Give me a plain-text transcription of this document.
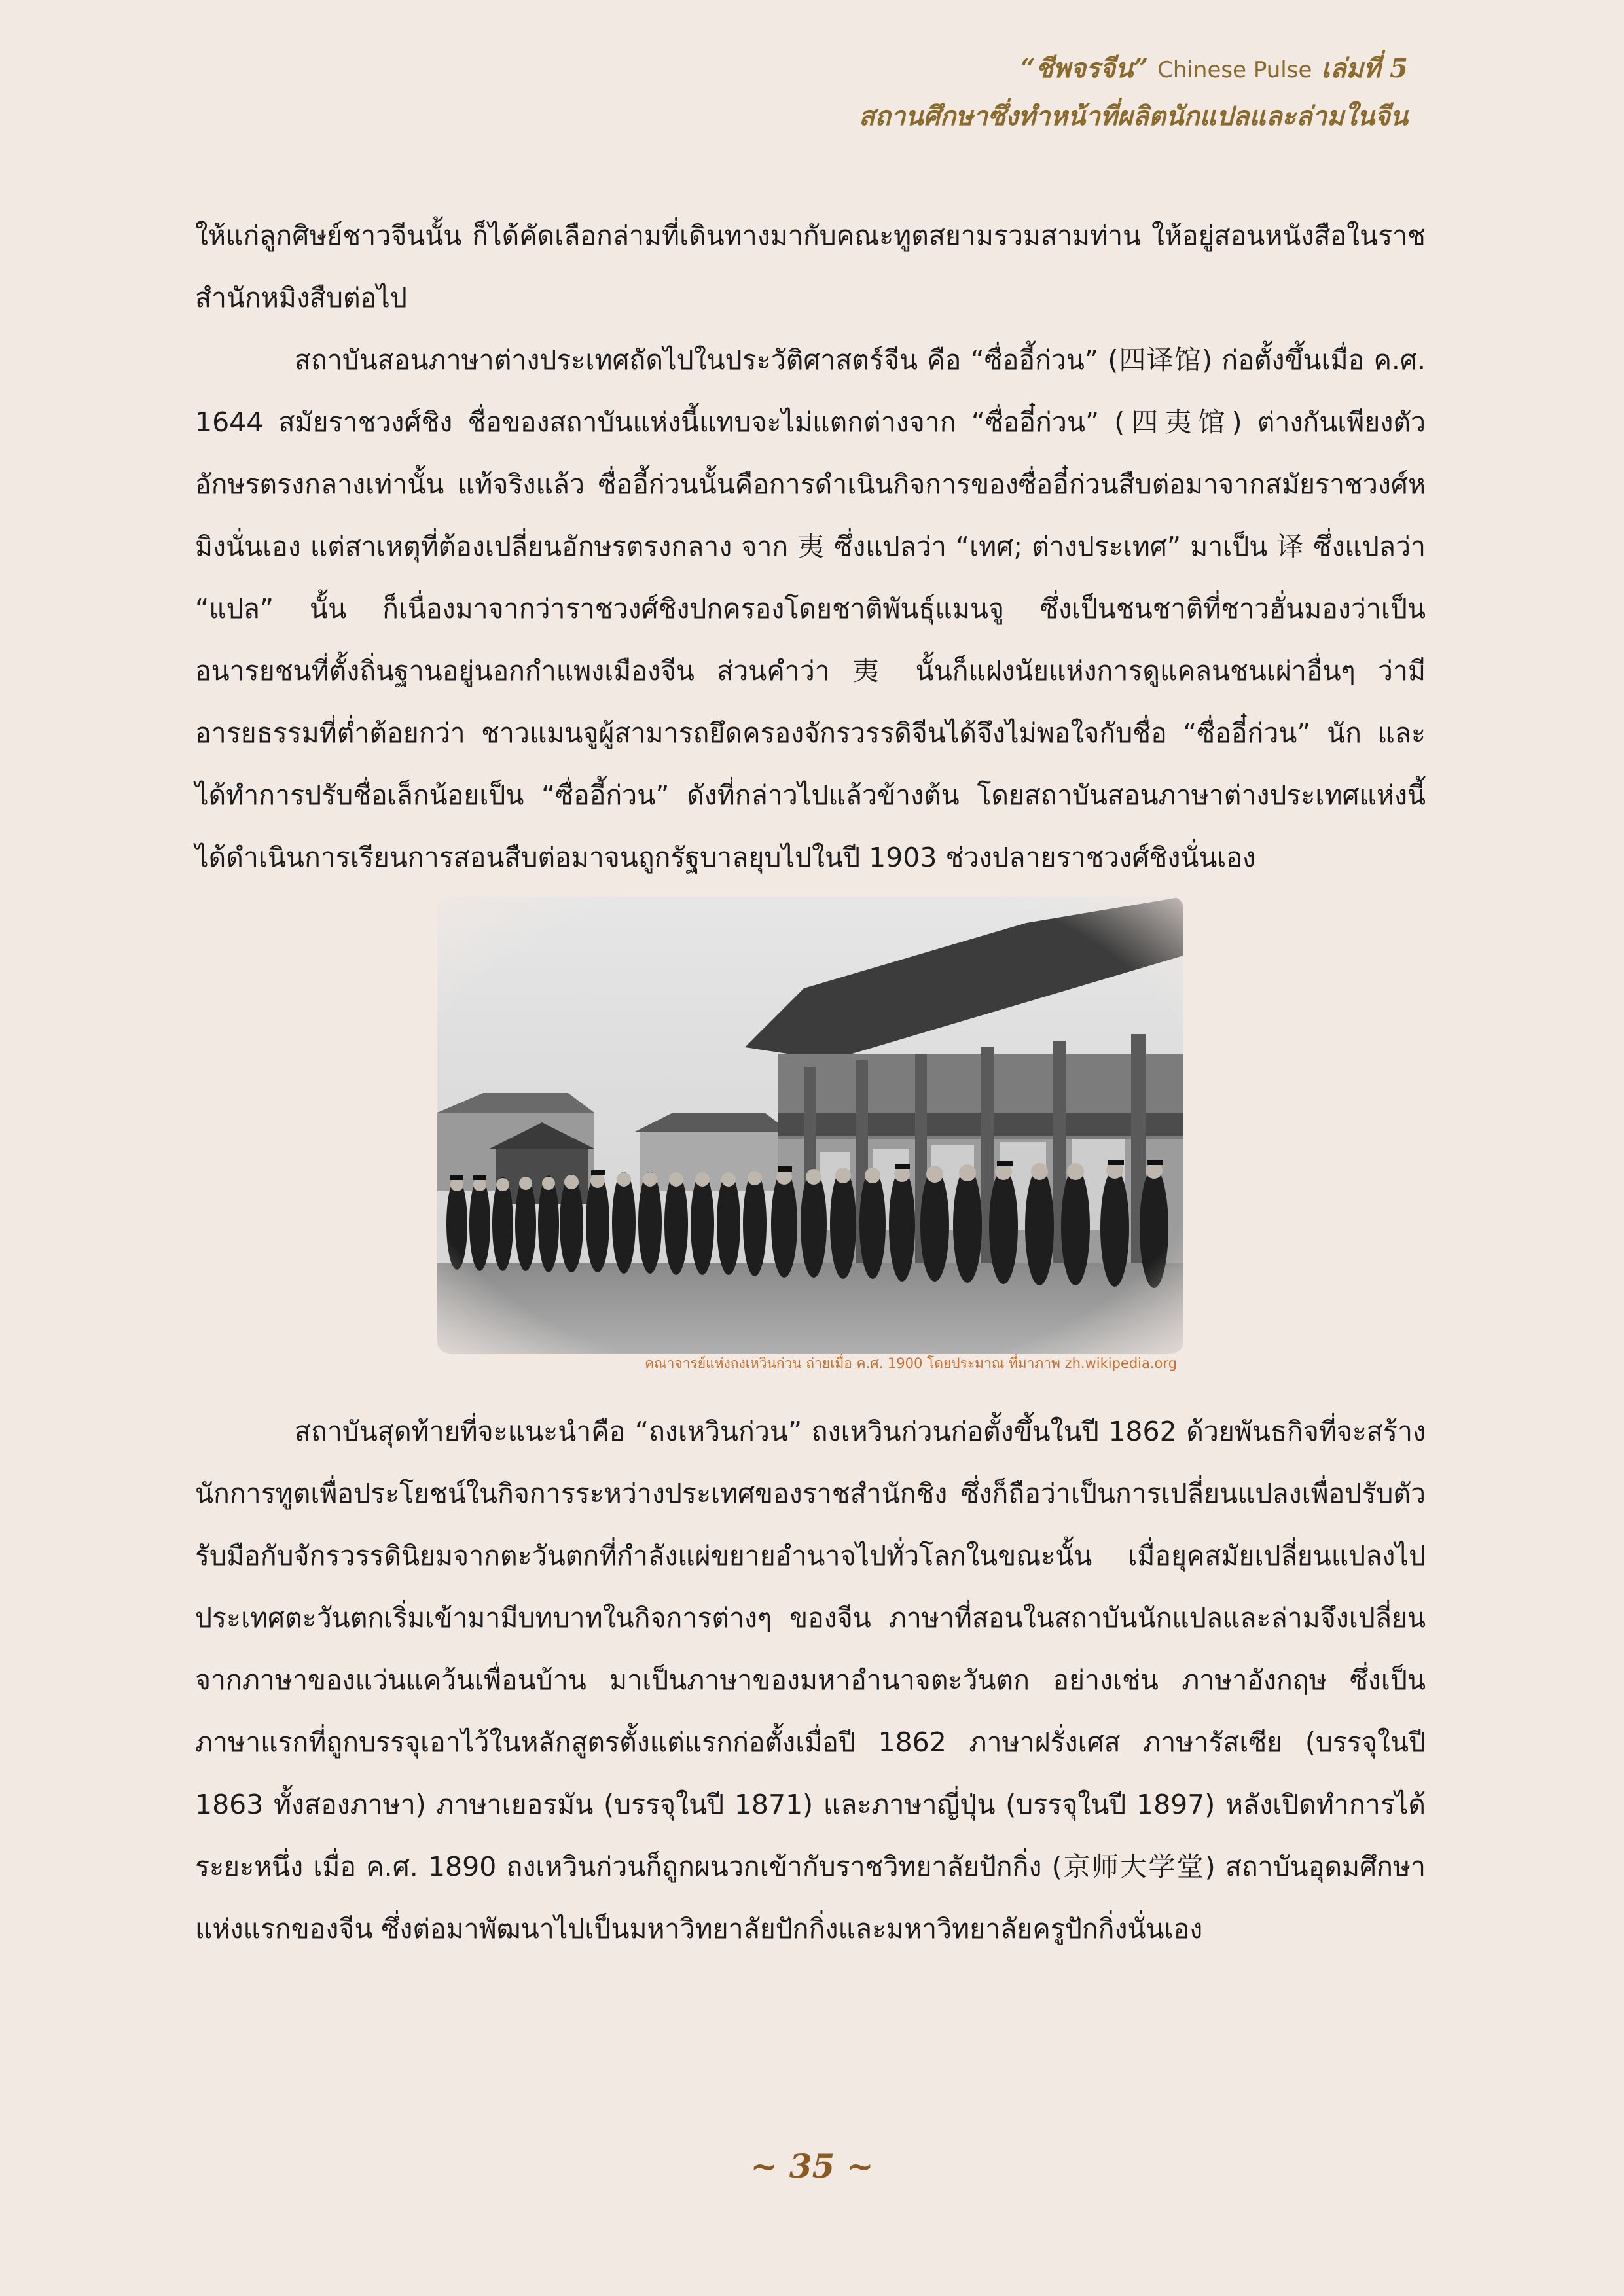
“ชีพจรจีน” Chinese Pulse เล่มที่ 5
สถานศึกษาซึ่งทำหน้าที่ผลิตนักแปลและล่ามในจีน

ให้แก่ลูกศิษย์ชาวจีนนั้น ก็ได้คัดเลือกล่ามที่เดินทางมากับคณะทูตสยามรวมสามท่าน ให้อยู่สอนหนังสือในราชสำนักหมิงสืบต่อไป

สถาบันสอนภาษาต่างประเทศถัดไปในประวัติศาสตร์จีน คือ “ซื่ออี้ก่วน” (四译馆) ก่อตั้งขึ้นเมื่อ ค.ศ. 1644 สมัยราชวงศ์ชิง ชื่อของสถาบันแห่งนี้แทบจะไม่แตกต่างจาก “ซื่ออี๋ก่วน” (四夷馆) ต่างกันเพียงตัวอักษรตรงกลางเท่านั้น แท้จริงแล้ว ซื่ออี้ก่วนนั้นคือการดำเนินกิจการของซื่ออี๋ก่วนสืบต่อมาจากสมัยราชวงศ์หมิงนั่นเอง แต่สาเหตุที่ต้องเปลี่ยนอักษรตรงกลาง จาก 夷 ซึ่งแปลว่า “เทศ; ต่างประเทศ” มาเป็น 译 ซึ่งแปลว่า “แปล” นั้น ก็เนื่องมาจากว่าราชวงศ์ชิงปกครองโดยชาติพันธุ์แมนจู ซึ่งเป็นชนชาติที่ชาวฮั่นมองว่าเป็นอนารยชนที่ตั้งถิ่นฐานอยู่นอกกำแพงเมืองจีน ส่วนคำว่า 夷 นั้นก็แฝงนัยแห่งการดูแคลนชนเผ่าอื่นๆ ว่ามีอารยธรรมที่ต่ำต้อยกว่า ชาวแมนจูผู้สามารถยึดครองจักรวรรดิจีนได้จึงไม่พอใจกับชื่อ “ซื่ออี๋ก่วน” นัก และได้ทำการปรับชื่อเล็กน้อยเป็น “ซื่ออี้ก่วน” ดังที่กล่าวไปแล้วข้างต้น โดยสถาบันสอนภาษาต่างประเทศแห่งนี้ ได้ดำเนินการเรียนการสอนสืบต่อมาจนถูกรัฐบาลยุบไปในปี 1903 ช่วงปลายราชวงศ์ชิงนั่นเอง

คณาจารย์แห่งถงเหวินก่วน ถ่ายเมื่อ ค.ศ. 1900 โดยประมาณ ที่มาภาพ zh.wikipedia.org

สถาบันสุดท้ายที่จะแนะนำคือ “ถงเหวินก่วน” ถงเหวินก่วนก่อตั้งขึ้นในปี 1862 ด้วยพันธกิจที่จะสร้างนักการทูตเพื่อประโยชน์ในกิจการระหว่างประเทศของราชสำนักชิง ซึ่งก็ถือว่าเป็นการเปลี่ยนแปลงเพื่อปรับตัวรับมือกับจักรวรรดินิยมจากตะวันตกที่กำลังแผ่ขยายอำนาจไปทั่วโลกในขณะนั้น เมื่อยุคสมัยเปลี่ยนแปลงไป ประเทศตะวันตกเริ่มเข้ามามีบทบาทในกิจการต่างๆ ของจีน ภาษาที่สอนในสถาบันนักแปลและล่ามจึงเปลี่ยนจากภาษาของแว่นแคว้นเพื่อนบ้าน มาเป็นภาษาของมหาอำนาจตะวันตก อย่างเช่น ภาษาอังกฤษ ซึ่งเป็นภาษาแรกที่ถูกบรรจุเอาไว้ในหลักสูตรตั้งแต่แรกก่อตั้งเมื่อปี 1862 ภาษาฝรั่งเศส ภาษารัสเซีย (บรรจุในปี 1863 ทั้งสองภาษา) ภาษาเยอรมัน (บรรจุในปี 1871) และภาษาญี่ปุ่น (บรรจุในปี 1897) หลังเปิดทำการได้ระยะหนึ่ง เมื่อ ค.ศ. 1890 ถงเหวินก่วนก็ถูกผนวกเข้ากับราชวิทยาลัยปักกิ่ง (京师大学堂) สถาบันอุดมศึกษา แห่งแรกของจีน ซึ่งต่อมาพัฒนาไปเป็นมหาวิทยาลัยปักกิ่งและมหาวิทยาลัยครูปักกิ่งนั่นเอง

~ 35 ~
